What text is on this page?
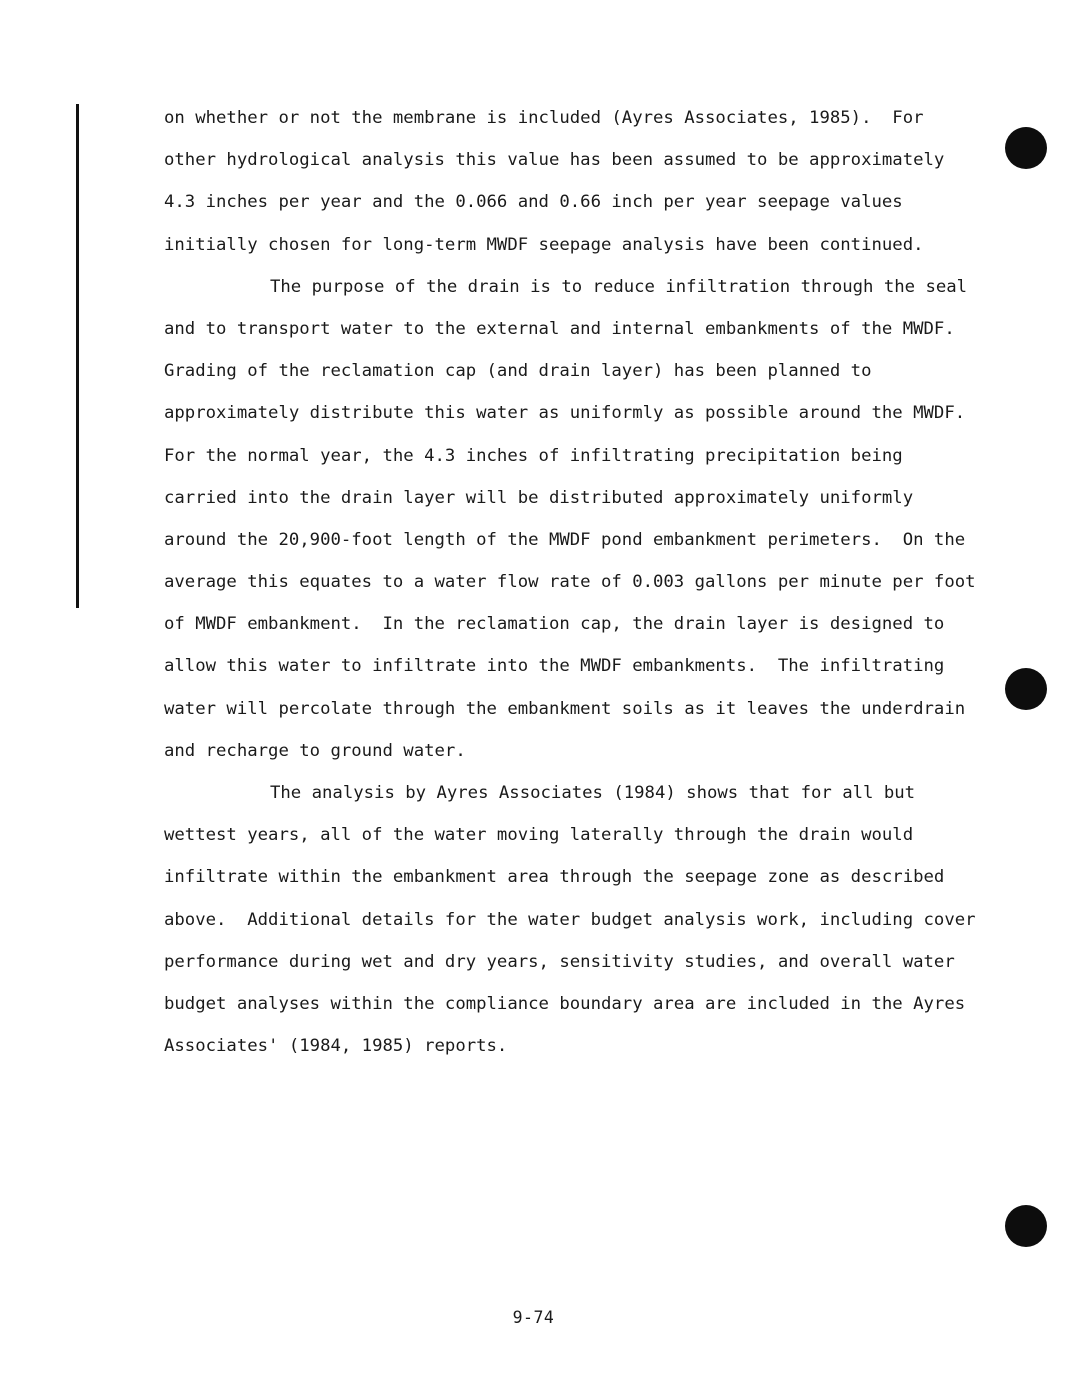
on whether or not the membrane is included (Ayres Associates, 1985).  For
other hydrological analysis this value has been assumed to be approximately
4.3 inches per year and the 0.066 and 0.66 inch per year seepage values
initially chosen for long-term MWDF seepage analysis have been continued.

The purpose of the drain is to reduce infiltration through the seal
and to transport water to the external and internal embankments of the MWDF.
Grading of the reclamation cap (and drain layer) has been planned to
approximately distribute this water as uniformly as possible around the MWDF.
For the normal year, the 4.3 inches of infiltrating precipitation being
carried into the drain layer will be distributed approximately uniformly
around the 20,900-foot length of the MWDF pond embankment perimeters.  On the
average this equates to a water flow rate of 0.003 gallons per minute per foot
of MWDF embankment.  In the reclamation cap, the drain layer is designed to
allow this water to infiltrate into the MWDF embankments.  The infiltrating
water will percolate through the embankment soils as it leaves the underdrain
and recharge to ground water.

The analysis by Ayres Associates (1984) shows that for all but
wettest years, all of the water moving laterally through the drain would
infiltrate within the embankment area through the seepage zone as described
above.  Additional details for the water budget analysis work, including cover
performance during wet and dry years, sensitivity studies, and overall water
budget analyses within the compliance boundary area are included in the Ayres
Associates' (1984, 1985) reports.

9-74
